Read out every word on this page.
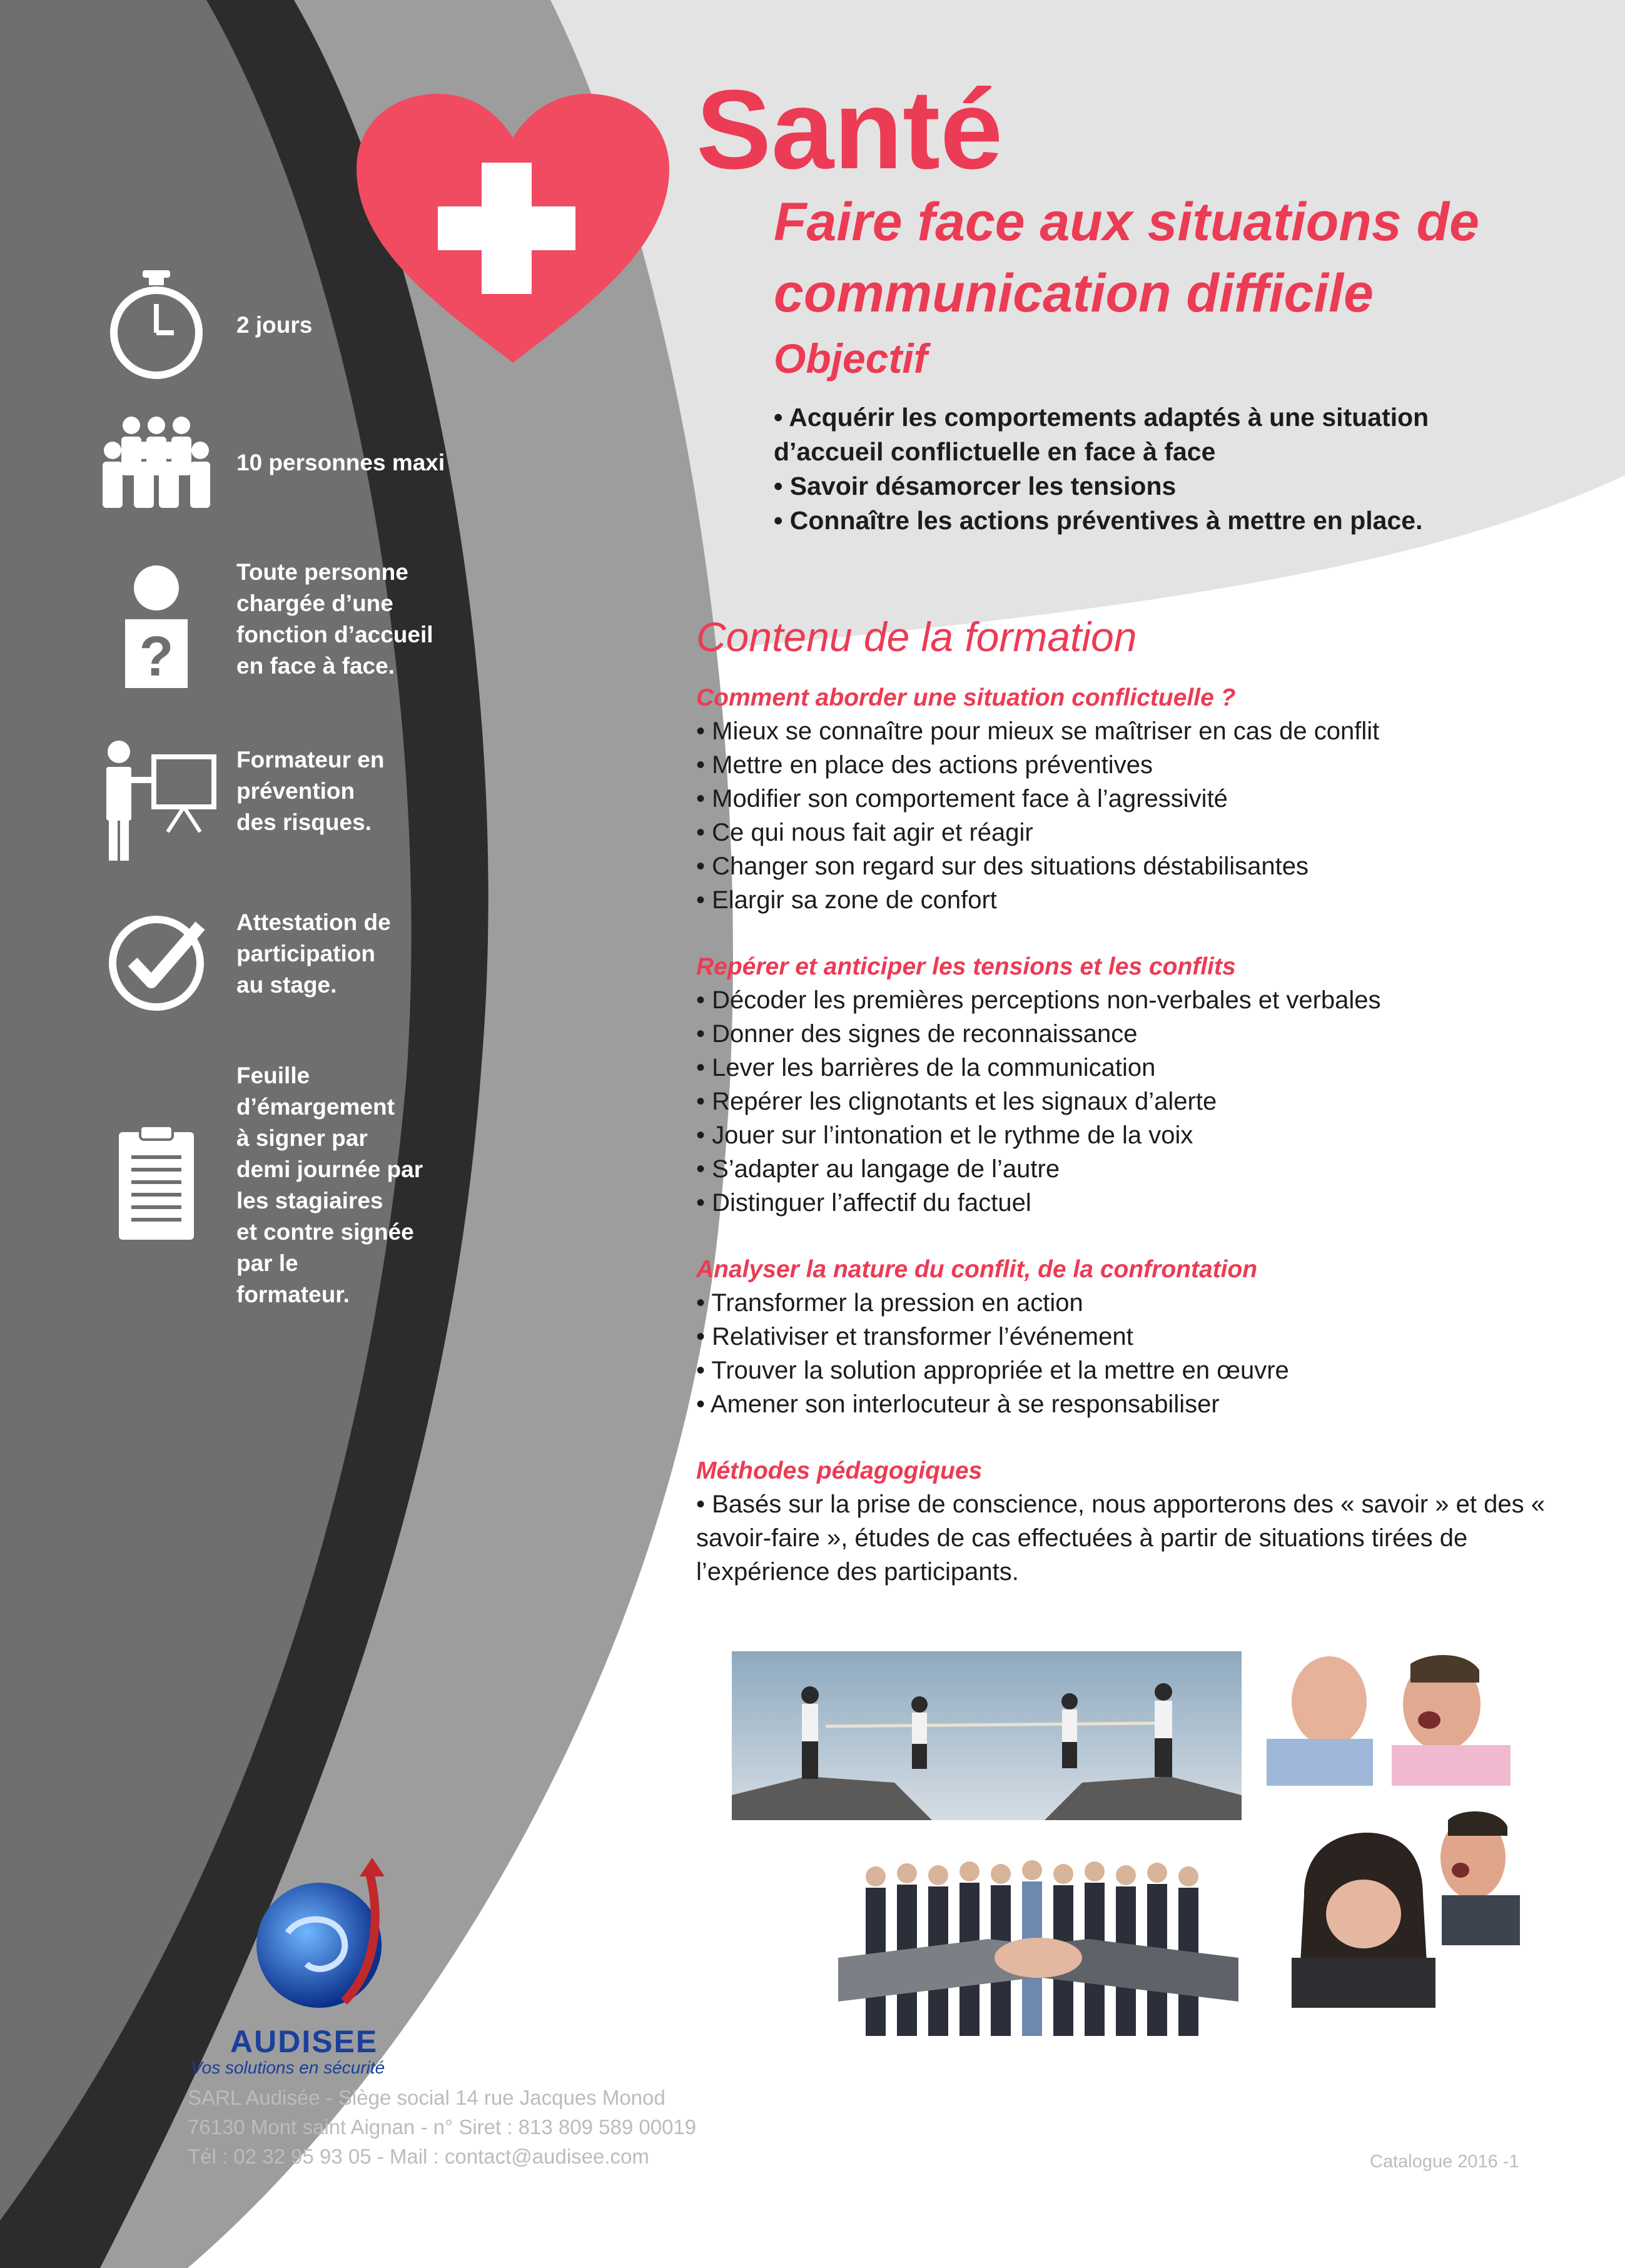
2 jours
10 personnes maxi
?
Toute personne
chargée d’une
fonction d’accueil
en face à face.
Formateur en
prévention
des risques.
Attestation de
participation
au stage.
Feuille
d’émargement
à signer par
demi journée par
les stagiaires
et contre signée
par le
formateur.
Santé
Faire face aux situations de communication difficile
Objectif
• Acquérir les comportements adaptés à une situation d’accueil conflictuelle en face à face
• Savoir désamorcer les tensions
• Connaître les actions préventives à mettre en place.
Contenu de la formation
Comment aborder une situation conflictuelle ?
• Mieux se connaître pour mieux se maîtriser en cas de conflit
• Mettre en place des actions préventives
• Modifier son comportement face à l’agressivité
• Ce qui nous fait agir et réagir
• Changer son regard sur des situations déstabilisantes
• Elargir sa zone de confort
Repérer et anticiper les tensions et les conflits
• Décoder les premières perceptions non-verbales et verbales
• Donner des signes de reconnaissance
• Lever les barrières de la communication
• Repérer les clignotants et les signaux d’alerte
• Jouer sur l’intonation et le rythme de la voix
• S’adapter au langage de l’autre
• Distinguer l’affectif du factuel
Analyser la nature du conflit, de la confrontation
• Transformer la pression en action
• Relativiser et transformer l’événement
• Trouver la solution appropriée et la mettre en œuvre
• Amener son interlocuteur à se responsabiliser
Méthodes pédagogiques

• Basés sur la prise de conscience, nous apporterons des « savoir » et des « savoir-faire », études de cas effectuées à partir de situations tirées de l’expérience des participants.

AUDISEE
Vos solutions en sécurité
SARL Audisée - Siège social 14 rue Jacques Monod
76130 Mont saint Aignan - n° Siret : 813 809 589 00019
Tél : 02 32 95 93 05 - Mail : contact@audisee.com	Catalogue 2016 -1
